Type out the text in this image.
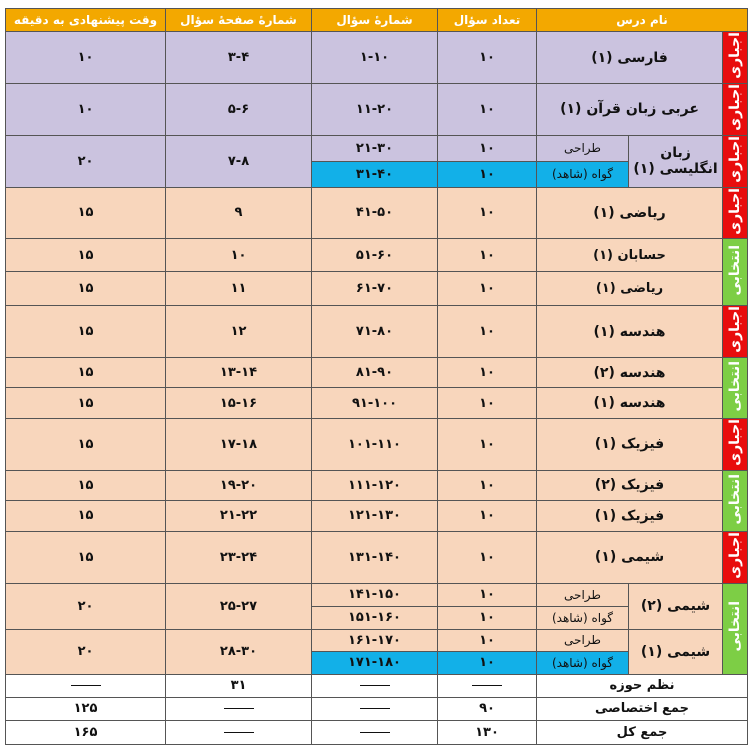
نام درس			تعداد سؤال	شمارهٔ سؤال	شمارهٔ صفحهٔ سؤال	وقت پیشنهادی به دقیقه
اجباری	فارسی (۱)		۱۰	۱-۱۰	۳-۴	۱۰
اجباری	عربی زبان قرآن (۱)		۱۰	۱۱-۲۰	۵-۶	۱۰
اجباری	زبان انگلیسی (۱)	طراحی	۱۰	۲۱-۳۰	۷-۸	۲۰
		گواه (شاهد)	۱۰	۳۱-۴۰		
اجباری	ریاضی (۱)		۱۰	۴۱-۵۰	۹	۱۵
انتخابی	حسابان (۱)		۱۰	۵۱-۶۰	۱۰	۱۵
	ریاضی (۱)		۱۰	۶۱-۷۰	۱۱	۱۵
اجباری	هندسه (۱)		۱۰	۷۱-۸۰	۱۲	۱۵
انتخابی	هندسه (۲)		۱۰	۸۱-۹۰	۱۳-۱۴	۱۵
	هندسه (۱)		۱۰	۹۱-۱۰۰	۱۵-۱۶	۱۵
اجباری	فیزیک (۱)		۱۰	۱۰۱-۱۱۰	۱۷-۱۸	۱۵
انتخابی	فیزیک (۲)		۱۰	۱۱۱-۱۲۰	۱۹-۲۰	۱۵
	فیزیک (۱)		۱۰	۱۲۱-۱۳۰	۲۱-۲۲	۱۵
اجباری	شیمی (۱)		۱۰	۱۳۱-۱۴۰	۲۳-۲۴	۱۵
انتخابی	شیمی (۲)	طراحی	۱۰	۱۴۱-۱۵۰	۲۵-۲۷	۲۰
		گواه (شاهد)	۱۰	۱۵۱-۱۶۰		
	شیمی (۱)	طراحی	۱۰	۱۶۱-۱۷۰	۲۸-۳۰	۲۰
		گواه (شاهد)	۱۰	۱۷۱-۱۸۰		
نظم حوزه					۳۱	
جمع اختصاصی			۹۰			۱۲۵
جمع کل			۱۳۰			۱۶۵
